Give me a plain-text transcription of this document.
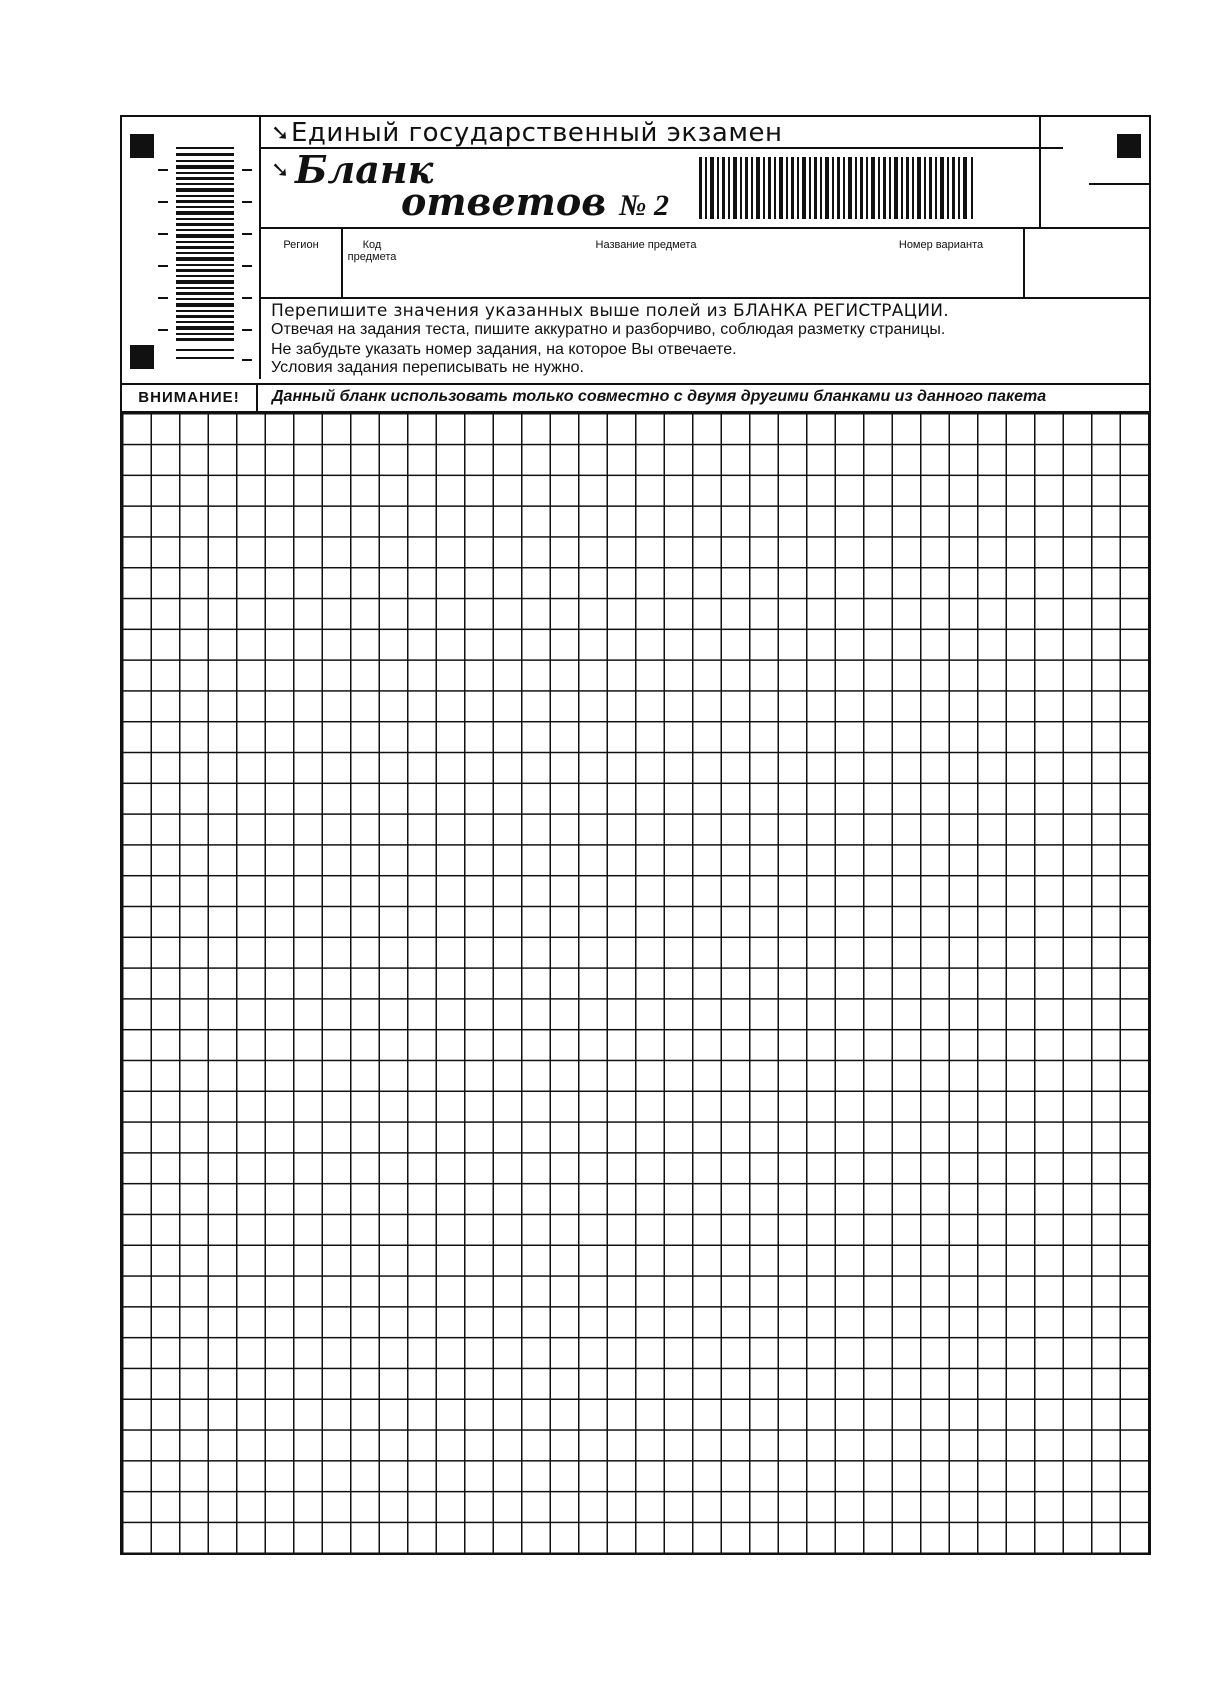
➘ Единый государственный экзамен
➘ Бланк
ответов № 2
Регион	Код
предмета
Название предмета	Номер варианта
Перепишите значения указанных выше полей из БЛАНКА РЕГИСТРАЦИИ.
Отвечая на задания теста, пишите аккуратно и разборчиво, соблюдая разметку страницы.
Не забудьте указать номер задания, на которое Вы отвечаете.
Условия задания переписывать не нужно.
ВНИМАНИЕ!	Данный бланк использовать только совместно с двумя другими бланками из данного пакета
